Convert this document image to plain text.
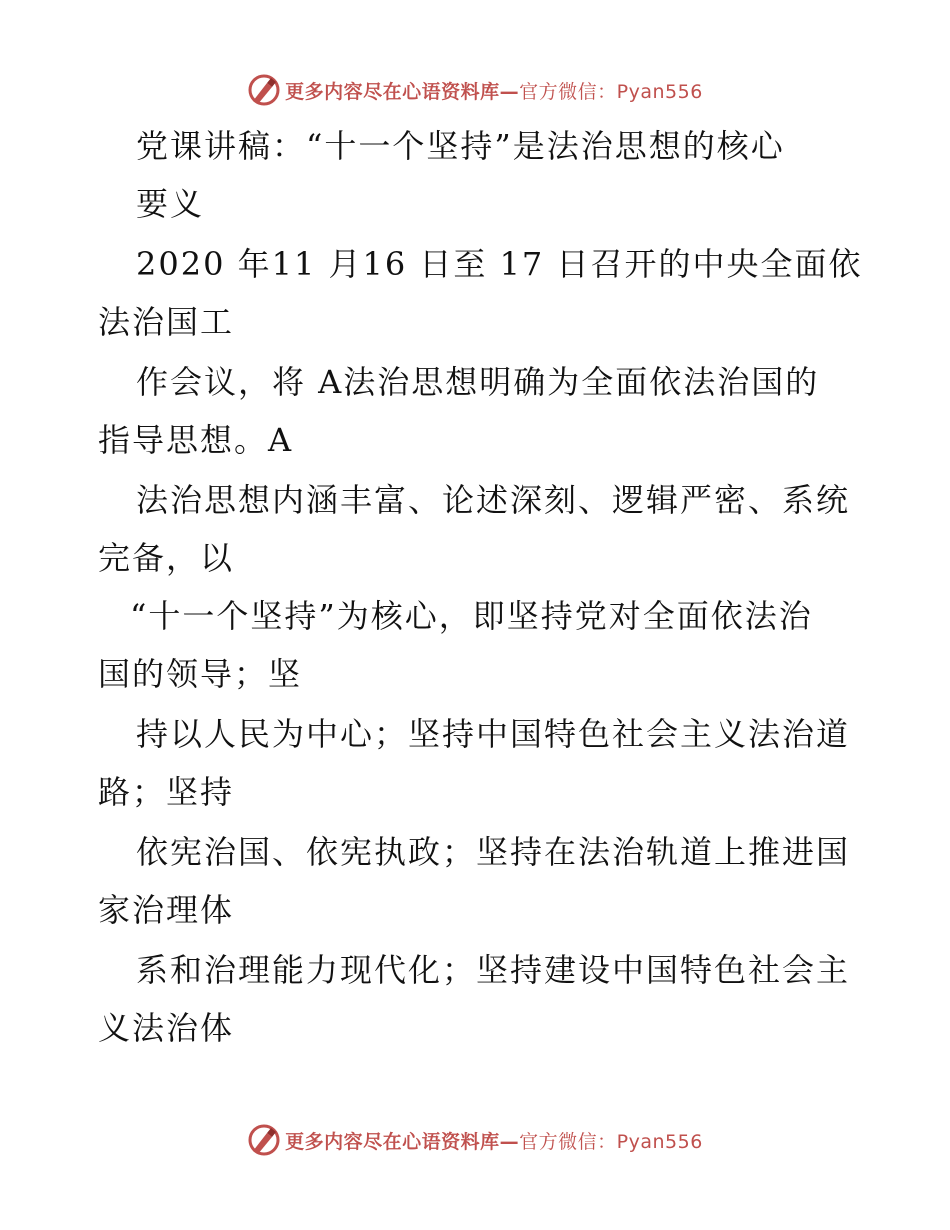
更多内容尽在心语资料库—官方微信：Pyan556
党课讲稿：“十一个坚持”是法治思想的核心
要义
2020 年11 月16 日至 17 日召开的中央全面依
法治国工
作会议，将 A法治思想明确为全面依法治国的
指导思想。A
法治思想内涵丰富、论述深刻、逻辑严密、系统
完备，以
“十一个坚持”为核心，即坚持党对全面依法治
国的领导；坚
持以人民为中心；坚持中国特色社会主义法治道
路；坚持
依宪治国、依宪执政；坚持在法治轨道上推进国
家治理体
系和治理能力现代化；坚持建设中国特色社会主
义法治体
更多内容尽在心语资料库—官方微信：Pyan556
